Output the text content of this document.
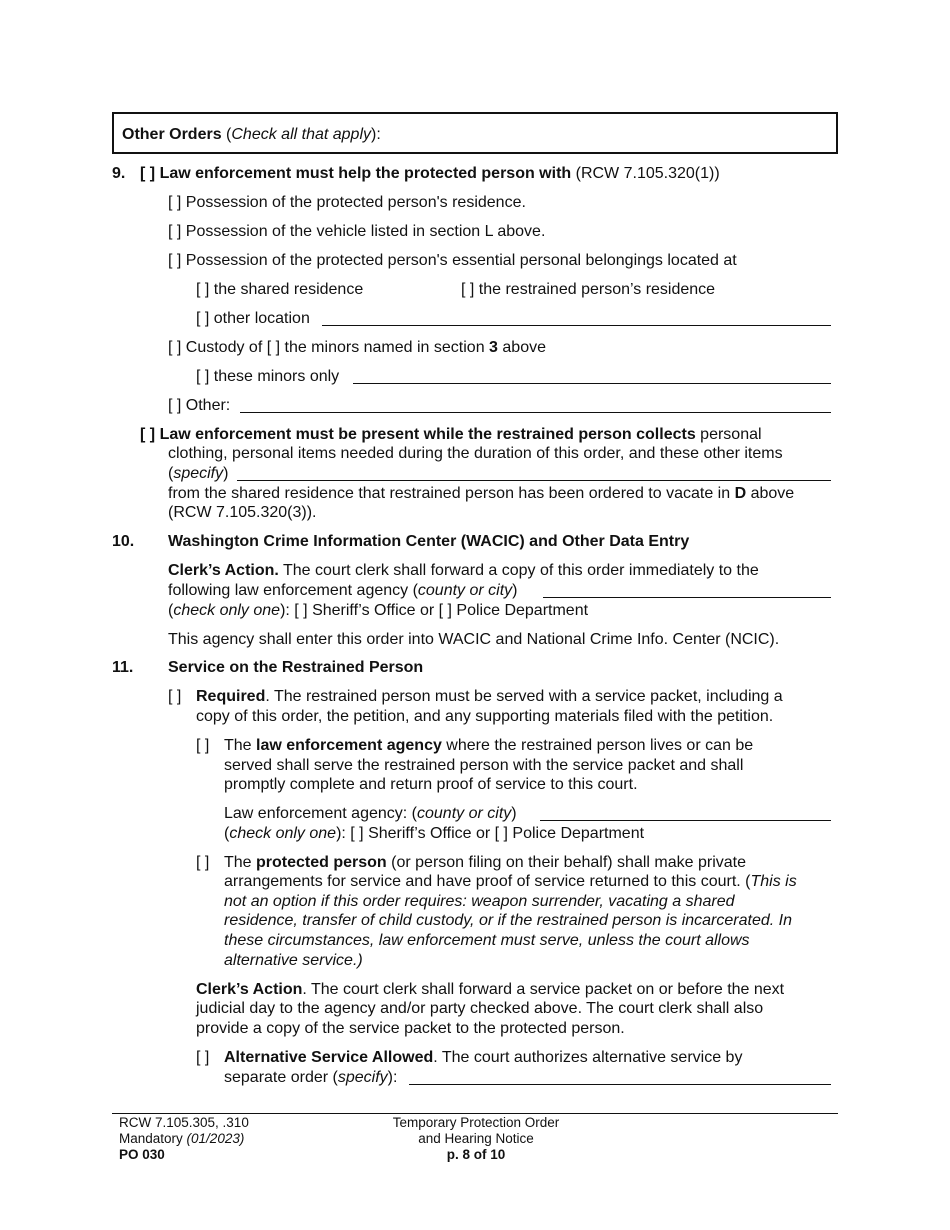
Other Orders (Check all that apply):
9. [ ] Law enforcement must help the protected person with (RCW 7.105.320(1))
[ ] Possession of the protected person's residence.
[ ] Possession of the vehicle listed in section L above.
[ ] Possession of the protected person's essential personal belongings located at
[ ] the shared residence	[ ] the restrained person’s residence
[ ] other location
[ ] Custody of [ ] the minors named in section 3 above
[ ] these minors only
[ ] Other:
[ ] Law enforcement must be present while the restrained person collects personal
clothing, personal items needed during the duration of this order, and these other items
(specify)
from the shared residence that restrained person has been ordered to vacate in D above
(RCW 7.105.320(3)).
10. Washington Crime Information Center (WACIC) and Other Data Entry
Clerk’s Action. The court clerk shall forward a copy of this order immediately to the
following law enforcement agency (county or city)
(check only one): [ ] Sheriff’s Office or [ ] Police Department
This agency shall enter this order into WACIC and National Crime Info. Center (NCIC).
11. Service on the Restrained Person
[ ] Required. The restrained person must be served with a service packet, including a
copy of this order, the petition, and any supporting materials filed with the petition.
[ ] The law enforcement agency where the restrained person lives or can be
served shall serve the restrained person with the service packet and shall
promptly complete and return proof of service to this court.
Law enforcement agency: (county or city)
(check only one): [ ] Sheriff’s Office or [ ] Police Department
[ ] The protected person (or person filing on their behalf) shall make private
arrangements for service and have proof of service returned to this court. (This is
not an option if this order requires: weapon surrender, vacating a shared
residence, transfer of child custody, or if the restrained person is incarcerated. In
these circumstances, law enforcement must serve, unless the court allows
alternative service.)
Clerk’s Action. The court clerk shall forward a service packet on or before the next
judicial day to the agency and/or party checked above. The court clerk shall also
provide a copy of the service packet to the protected person.
[ ] Alternative Service Allowed. The court authorizes alternative service by
separate order (specify):
RCW 7.105.305, .310
Mandatory (01/2023)
PO 030
Temporary Protection Order
and Hearing Notice
p. 8 of 10
